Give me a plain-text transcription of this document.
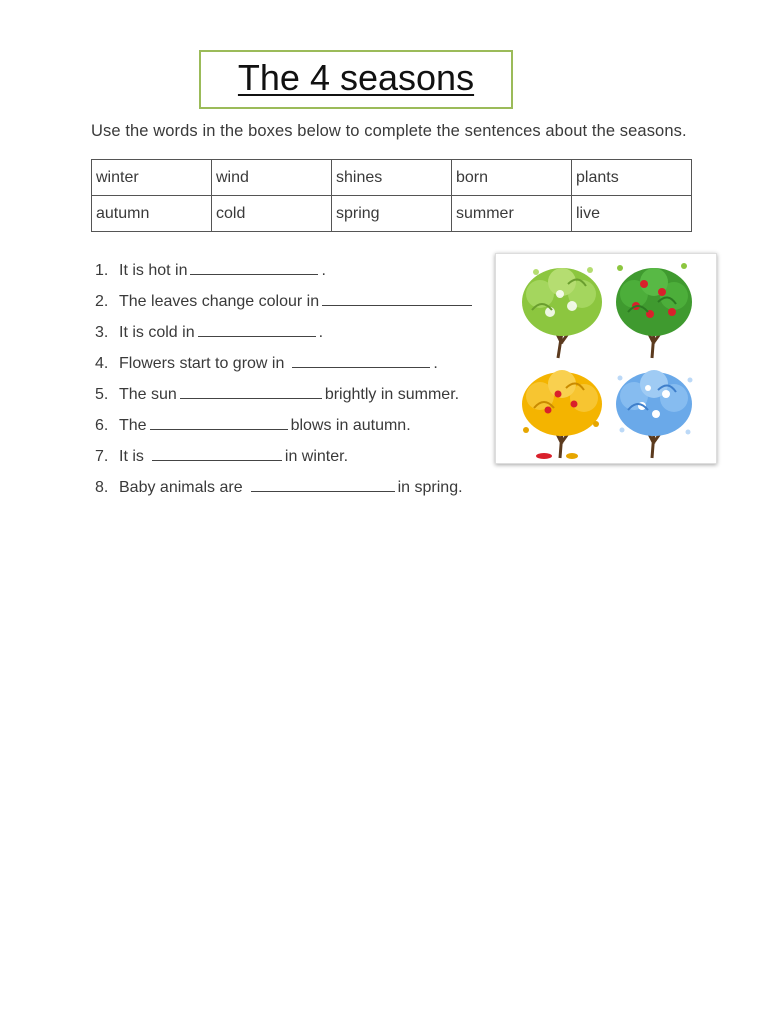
The 4 seasons
Use the words in the boxes below to complete the sentences about the seasons.
winter	wind	shines	born	plants
autumn	cold	spring	summer	live
1. It is hot in	.
2. The leaves change colour in
3. It is cold in	.
4. Flowers start to grow in	.
5. The sun	brightly in summer.
6. The	blows in autumn.
7. It is	in winter.
8. Baby animals are	in spring.
